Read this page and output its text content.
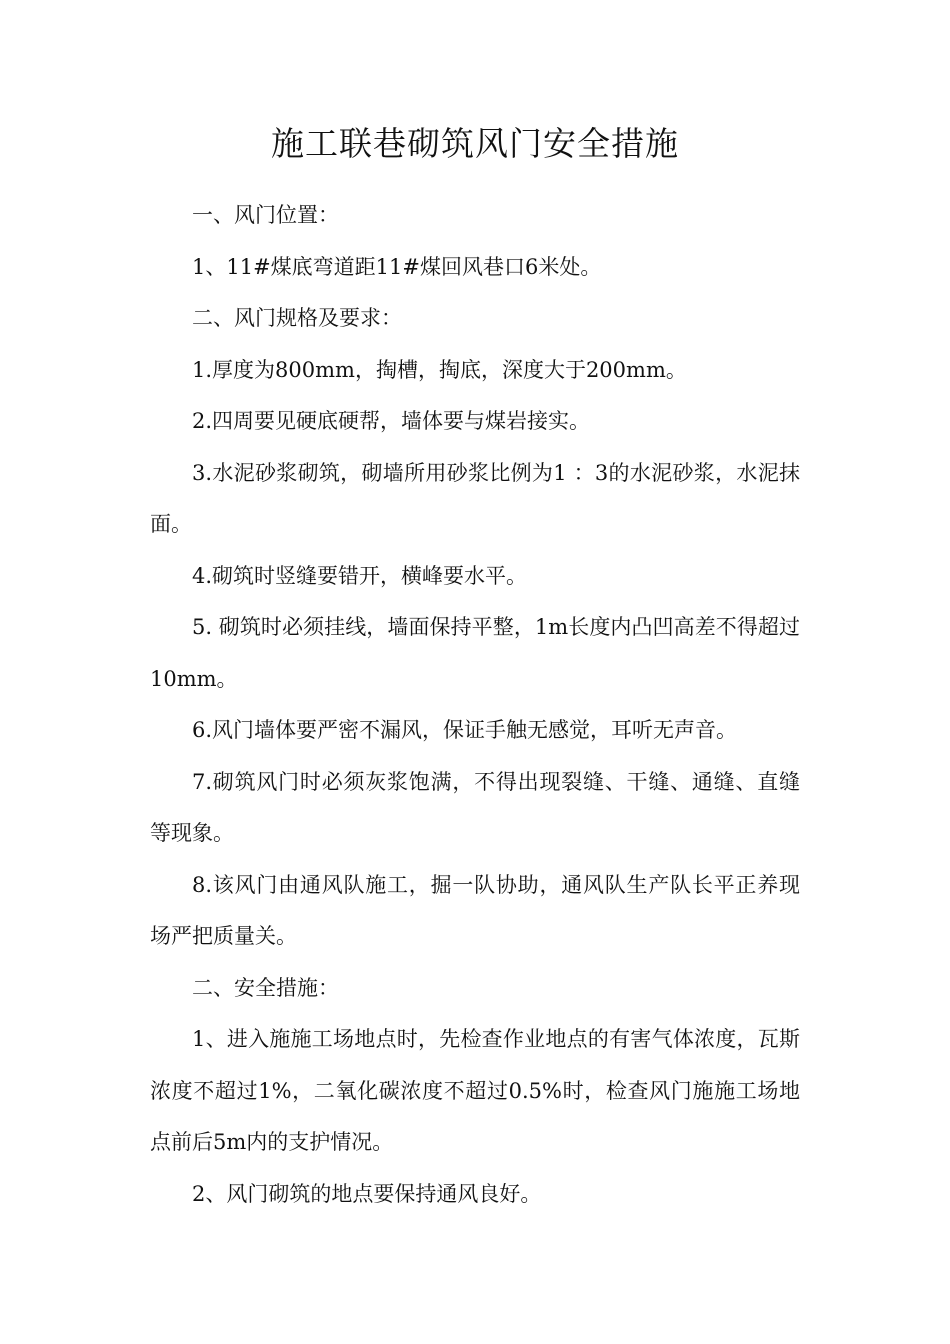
施工联巷砌筑风门安全措施

一、风门位置：

1、11#煤底弯道距11#煤回风巷口6米处。

二、风门规格及要求：

1.厚度为800mm，掏槽，掏底，深度大于200mm。

2.四周要见硬底硬帮，墙体要与煤岩接实。

3.水泥砂浆砌筑，砌墙所用砂浆比例为1 ：3的水泥砂浆，水泥抹面。

4.砌筑时竖缝要错开，横峰要水平。

5. 砌筑时必须挂线，墙面保持平整，1m长度内凸凹高差不得超过10mm。

6.风门墙体要严密不漏风，保证手触无感觉，耳听无声音。

7.砌筑风门时必须灰浆饱满，不得出现裂缝、干缝、通缝、直缝等现象。

8.该风门由通风队施工，掘一队协助，通风队生产队长平正养现场严把质量关。

二、安全措施：

1、进入施施工场地点时，先检查作业地点的有害气体浓度，瓦斯浓度不超过1%，二氧化碳浓度不超过0.5%时，检查风门施施工场地点前后5m内的支护情况。

2、风门砌筑的地点要保持通风良好。
